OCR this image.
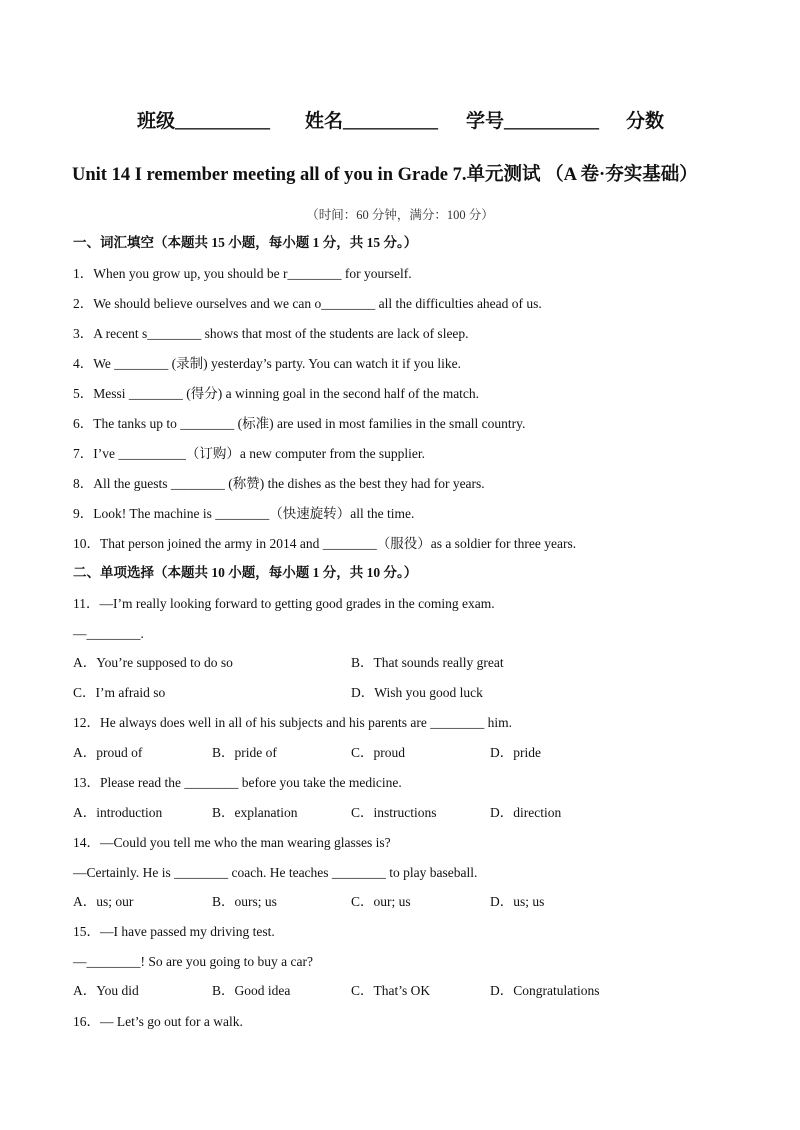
班级__________ 姓名__________ 学号__________ 分数
Unit 14 I remember meeting all of you in Grade 7.单元测试 （A 卷·夯实基础）
（时间：60 分钟，满分：100 分）
一、词汇填空（本题共 15 小题，每小题 1 分，共 15 分。）
1．When you grow up, you should be r________ for yourself.
2．We should believe ourselves and we can o________ all the difficulties ahead of us.
3．A recent s________ shows that most of the students are lack of sleep.
4．We ________ (录制) yesterday’s party. You can watch it if you like.
5．Messi ________ (得分) a winning goal in the second half of the match.
6．The tanks up to ________ (标准) are used in most families in the small country.
7．I’ve __________（订购）a new computer from the supplier.
8．All the guests ________ (称赞) the dishes as the best they had for years.
9．Look! The machine is ________（快速旋转）all the time.
10．That person joined the army in 2014 and ________（服役）as a soldier for three years.
二、单项选择（本题共 10 小题，每小题 1 分，共 10 分。）
11．—I’m really looking forward to getting good grades in the coming exam.
—________.
A．You’re supposed to do so	B．That sounds really great
C．I’m afraid so	D．Wish you good luck
12．He always does well in all of his subjects and his parents are ________ him.
A．proud of	B．pride of	C．proud	D．pride
13．Please read the ________ before you take the medicine.
A．introduction	B．explanation	C．instructions	D．direction
14．—Could you tell me who the man wearing glasses is?
—Certainly. He is ________ coach. He teaches ________ to play baseball.
A．us; our	B．ours; us	C．our; us	D．us; us
15．—I have passed my driving test.
—________! So are you going to buy a car?
A．You did	B．Good idea	C．That’s OK	D．Congratulations
16．— Let’s go out for a walk.
